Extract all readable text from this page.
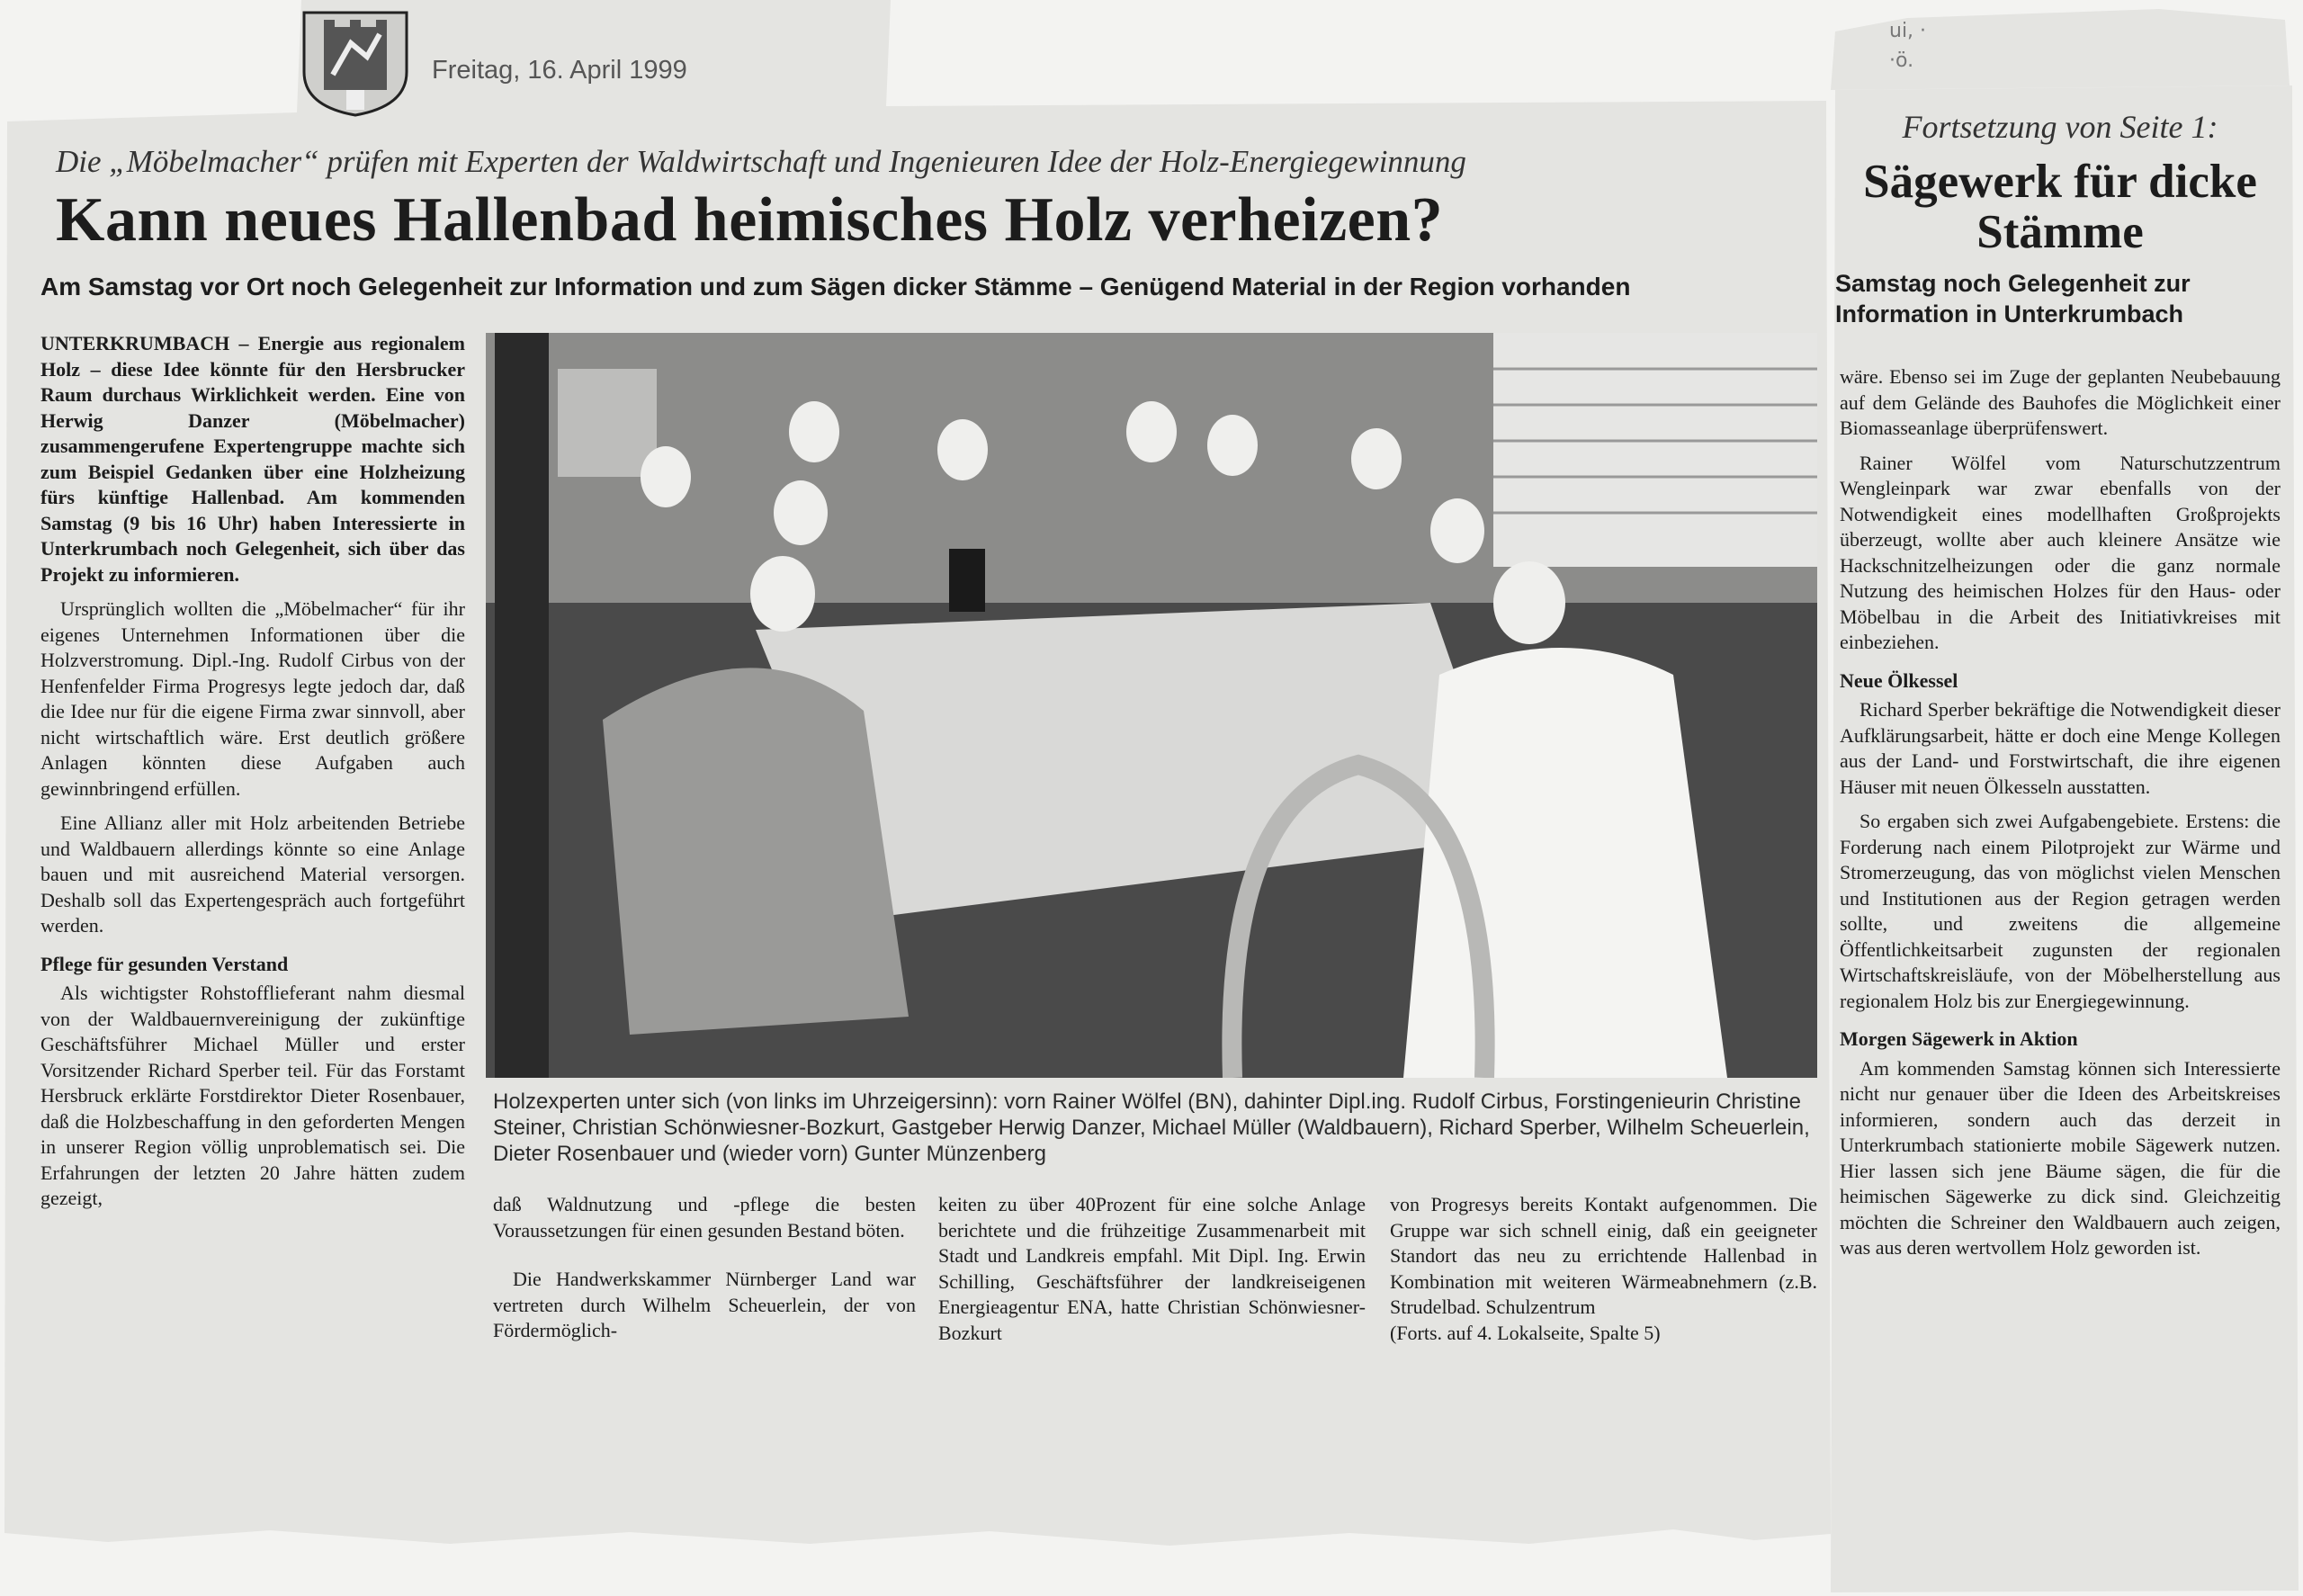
Freitag, 16. April 1999
ui, ·
·ö.
Die „Möbelmacher“ prüfen mit Experten der Waldwirtschaft und Ingenieuren Idee der Holz-Energiegewinnung
Kann neues Hallenbad heimisches Holz verheizen?
Am Samstag vor Ort noch Gelegenheit zur Information und zum Sägen dicker Stämme – Genügend Material in der Region vorhanden

UNTERKRUMBACH – Energie aus regionalem Holz – diese Idee könnte für den Hersbrucker Raum durchaus Wirklichkeit werden. Eine von Herwig Danzer (Möbelmacher) zusammengerufene Expertengruppe machte sich zum Beispiel Gedanken über eine Holzheizung fürs künftige Hallenbad. Am kommenden Samstag (9 bis 16 Uhr) haben Interessierte in Unterkrumbach noch Gelegenheit, sich über das Projekt zu informieren.

Ursprünglich wollten die „Möbelmacher“ für ihr eigenes Unternehmen Informationen über die Holzverstromung. Dipl.-Ing. Rudolf Cirbus von der Henfenfelder Firma Progresys legte jedoch dar, daß die Idee nur für die eigene Firma zwar sinnvoll, aber nicht wirtschaftlich wäre. Erst deutlich größere Anlagen könnten diese Aufgaben auch gewinnbringend erfüllen.

Eine Allianz aller mit Holz arbeitenden Betriebe und Waldbauern allerdings könnte so eine Anlage bauen und mit ausreichend Material versorgen. Deshalb soll das Expertengespräch auch fortgeführt werden.

Pflege für gesunden Verstand

Als wichtigster Rohstofflieferant nahm diesmal von der Waldbauernvereinigung der zukünftige Geschäftsführer Michael Müller und erster Vorsitzender Richard Sperber teil. Für das Forstamt Hersbruck erklärte Forstdirektor Dieter Rosenbauer, daß die Holzbeschaffung in den geforderten Mengen in unserer Region völlig unproblematisch sei. Die Erfahrungen der letzten 20 Jahre hätten zudem gezeigt,

Holzexperten unter sich (von links im Uhrzeigersinn): vorn Rainer Wölfel (BN), dahinter Dipl.ing. Rudolf Cirbus, Forstingenieurin Christine Steiner, Christian Schönwiesner-Bozkurt, Gastgeber Herwig Danzer, Michael Müller (Waldbauern), Richard Sperber, Wilhelm Scheuerlein, Dieter Rosenbauer und (wieder vorn) Gunter Münzenberg

daß Waldnutzung und -pflege die besten Voraussetzungen für einen gesunden Bestand böten.

Die Handwerkskammer Nürnberger Land war vertreten durch Wilhelm Scheuerlein, der von Fördermöglich-

keiten zu über 40Prozent für eine solche Anlage berichtete und die frühzeitige Zusammenarbeit mit Stadt und Landkreis empfahl. Mit Dipl. Ing. Erwin Schilling, Geschäftsführer der landkreiseigenen Energieagentur ENA, hatte Christian Schönwiesner-Bozkurt

von Progresys bereits Kontakt aufgenommen. Die Gruppe war sich schnell einig, daß ein geeigneter Standort das neu zu errichtende Hallenbad in Kombination mit weiteren Wärmeabnehmern (z.B. Strudelbad. Schulzentrum

(Forts. auf 4. Lokalseite, Spalte 5)

Fortsetzung von Seite 1:
Sägewerk für dicke Stämme
Samstag noch Gelegenheit zur Information in Unterkrumbach

wäre. Ebenso sei im Zuge der geplanten Neubebauung auf dem Gelände des Bauhofes die Möglichkeit einer Biomasseanlage überprüfenswert.

Rainer Wölfel vom Naturschutzzentrum Wengleinpark war zwar ebenfalls von der Notwendigkeit eines modellhaften Großprojekts überzeugt, wollte aber auch kleinere Ansätze wie Hackschnitzelheizungen oder die ganz normale Nutzung des heimischen Holzes für den Haus- oder Möbelbau in die Arbeit des Initiativkreises mit einbeziehen.

Neue Ölkessel

Richard Sperber bekräftige die Notwendigkeit dieser Aufklärungsarbeit, hätte er doch eine Menge Kollegen aus der Land- und Forstwirtschaft, die ihre eigenen Häuser mit neuen Ölkesseln ausstatten.

So ergaben sich zwei Aufgabengebiete. Erstens: die Forderung nach einem Pilotprojekt zur Wärme und Stromerzeugung, das von möglichst vielen Menschen und Institutionen aus der Region getragen werden sollte, und zweitens die allgemeine Öffentlichkeitsarbeit zugunsten der regionalen Wirtschaftskreisläufe, von der Möbelherstellung aus regionalem Holz bis zur Energiegewinnung.

Morgen Sägewerk in Aktion

Am kommenden Samstag können sich Interessierte nicht nur genauer über die Ideen des Arbeitskreises informieren, sondern auch das derzeit in Unterkrumbach stationierte mobile Sägewerk nutzen. Hier lassen sich jene Bäume sägen, die für die heimischen Sägewerke zu dick sind. Gleichzeitig möchten die Schreiner den Waldbauern auch zeigen, was aus deren wertvollem Holz geworden ist.
